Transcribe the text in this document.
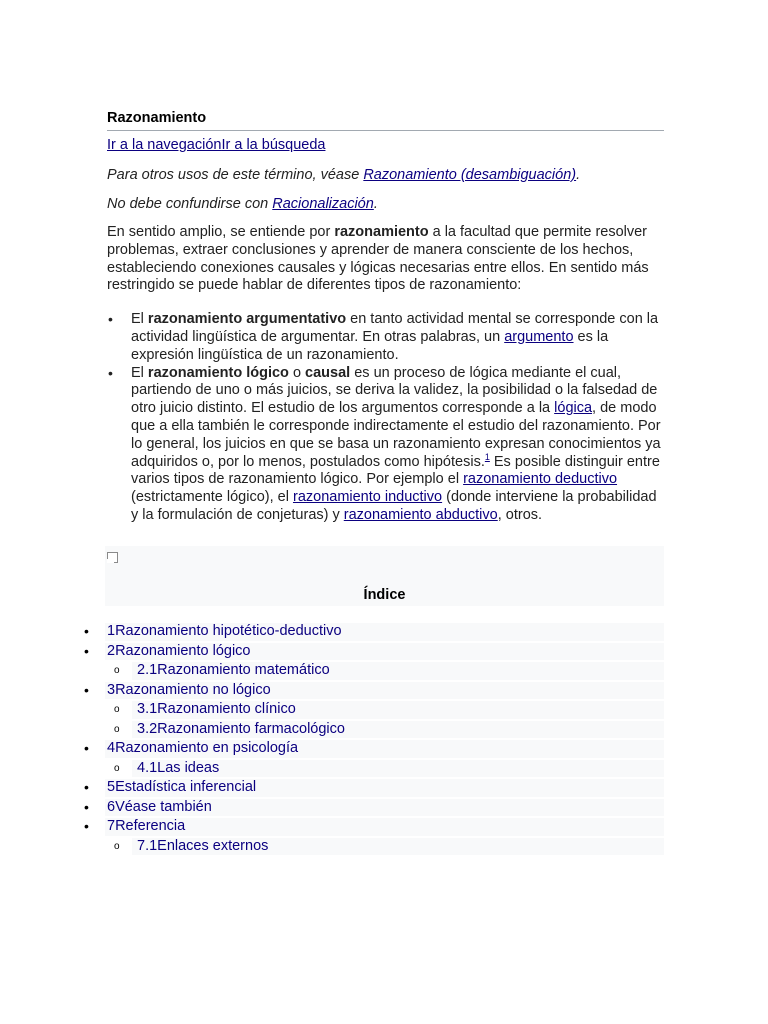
Razonamiento
Ir a la navegaciónIr a la búsqueda

Para otros usos de este término, véase Razonamiento (desambiguación).

No debe confundirse con Racionalización.

En sentido amplio, se entiende por razonamiento a la facultad que permite resolver problemas, extraer conclusiones y aprender de manera consciente de los hechos, estableciendo conexiones causales y lógicas necesarias entre ellos. En sentido más restringido se puede hablar de diferentes tipos de razonamiento:

• El razonamiento argumentativo en tanto actividad mental se corresponde con la actividad lingüística de argumentar. En otras palabras, un argumento es la expresión lingüística de un razonamiento.
• El razonamiento lógico o causal es un proceso de lógica mediante el cual, partiendo de uno o más juicios, se deriva la validez, la posibilidad o la falsedad de otro juicio distinto. El estudio de los argumentos corresponde a la lógica, de modo que a ella también le corresponde indirectamente el estudio del razonamiento. Por lo general, los juicios en que se basa un razonamiento expresan conocimientos ya adquiridos o, por lo menos, postulados como hipótesis.$^1$ Es posible distinguir entre varios tipos de razonamiento lógico. Por ejemplo el razonamiento deductivo (estrictamente lógico), el razonamiento inductivo (donde interviene la probabilidad y la formulación de conjeturas) y razonamiento abductivo, otros.
Índice
• 1Razonamiento hipotético-deductivo
• 2Razonamiento lógico
o 2.1Razonamiento matemático
• 3Razonamiento no lógico
o 3.1Razonamiento clínico
o 3.2Razonamiento farmacológico
• 4Razonamiento en psicología
o 4.1Las ideas
• 5Estadística inferencial
• 6Véase también
• 7Referencia
o 7.1Enlaces externos
